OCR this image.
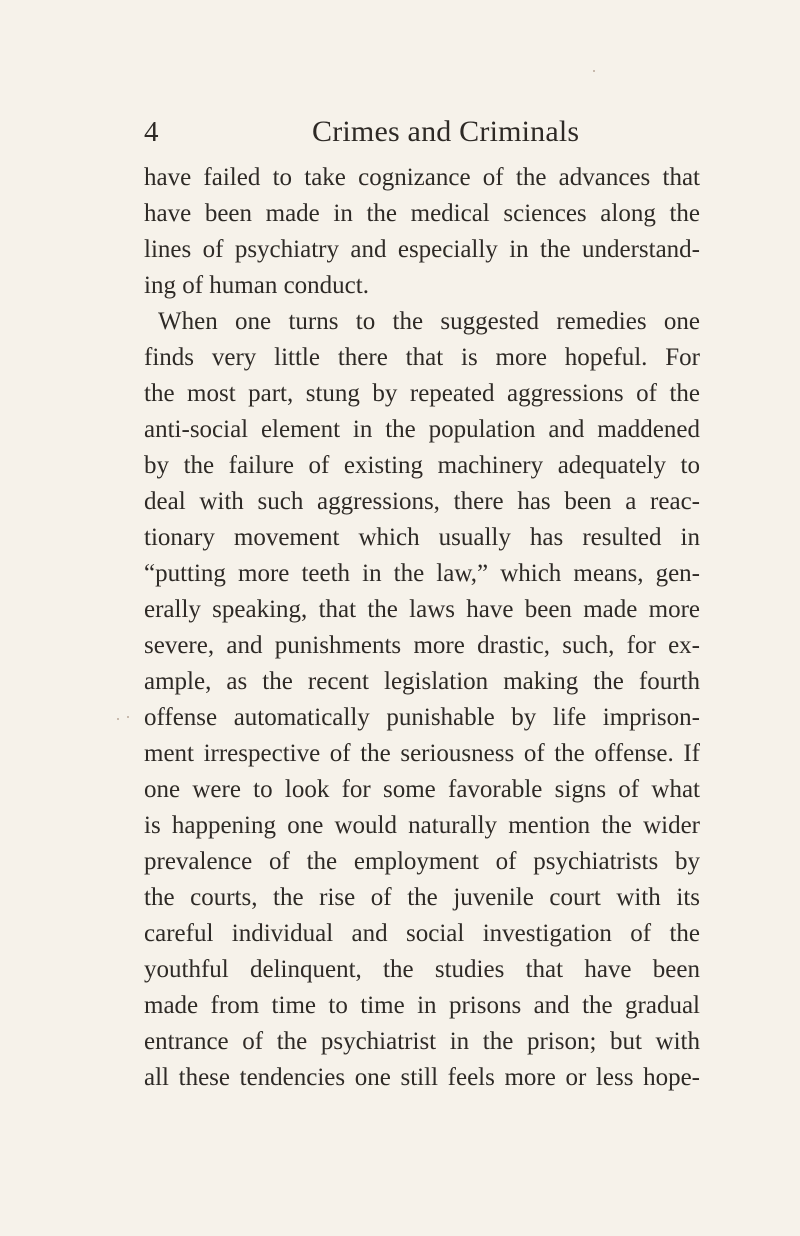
4	Crimes and Criminals
have failed to take cognizance of the advances that
have been made in the medical sciences along the
lines of psychiatry and especially in the understand-
ing of human conduct.
When one turns to the suggested remedies one
finds very little there that is more hopeful. For
the most part, stung by repeated aggressions of the
anti-social element in the population and maddened
by the failure of existing machinery adequately to
deal with such aggressions, there has been a reac-
tionary movement which usually has resulted in
“putting more teeth in the law,” which means, gen-
erally speaking, that the laws have been made more
severe, and punishments more drastic, such, for ex-
ample, as the recent legislation making the fourth
offense automatically punishable by life imprison-
ment irrespective of the seriousness of the offense. If
one were to look for some favorable signs of what
is happening one would naturally mention the wider
prevalence of the employment of psychiatrists by
the courts, the rise of the juvenile court with its
careful individual and social investigation of the
youthful delinquent, the studies that have been
made from time to time in prisons and the gradual
entrance of the psychiatrist in the prison; but with
all these tendencies one still feels more or less hope-
